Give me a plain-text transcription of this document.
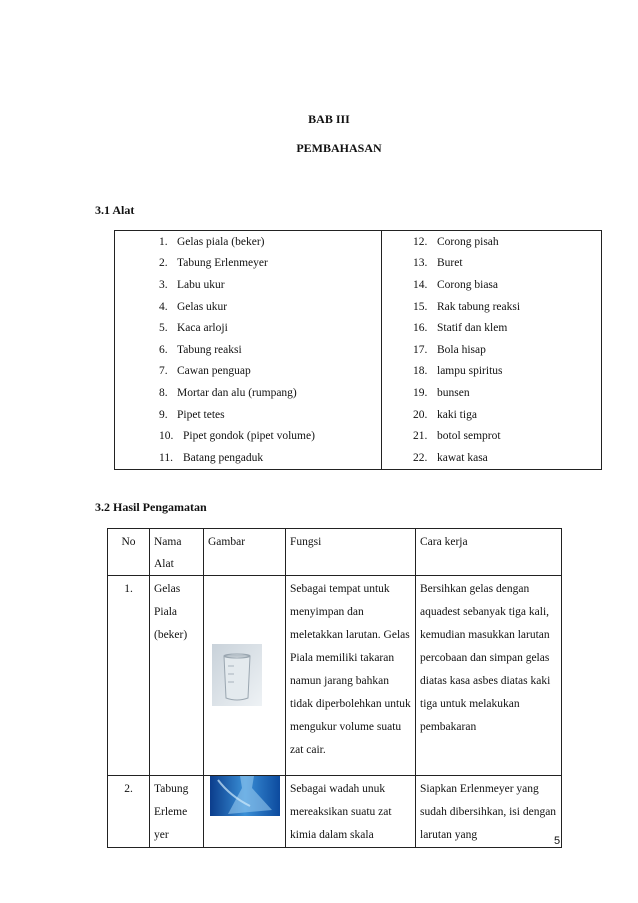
BAB III
PEMBAHASAN
3.1 Alat
1. Gelas piala (beker)	12. Corong pisah
2. Tabung Erlenmeyer	13. Buret
3. Labu ukur	14. Corong biasa
4. Gelas ukur	15. Rak tabung reaksi
5. Kaca arloji	16. Statif dan klem
6. Tabung reaksi	17. Bola hisap
7. Cawan penguap	18. lampu spiritus
8. Mortar dan alu (rumpang)	19. bunsen
9. Pipet tetes	20. kaki tiga
10. Pipet gondok (pipet volume)	21. botol semprot
11. Batang pengaduk	22. kawat kasa
3.2 Hasil Pengamatan
No	Nama Alat	Gambar	Fungsi	Cara kerja
1.	Gelas Piala (beker)		Sebagai tempat untuk menyimpan dan meletakkan larutan. Gelas Piala memiliki takaran namun jarang bahkan tidak diperbolehkan untuk mengukur volume suatu zat cair.	Bersihkan gelas dengan aquadest sebanyak tiga kali, kemudian masukkan larutan percobaan dan simpan gelas diatas kasa asbes diatas kaki tiga untuk melakukan pembakaran
2.	Tabung Erleme yer		Sebagai wadah unuk mereaksikan suatu zat kimia dalam skala	Siapkan Erlenmeyer yang sudah dibersihkan, isi dengan larutan yang	5
